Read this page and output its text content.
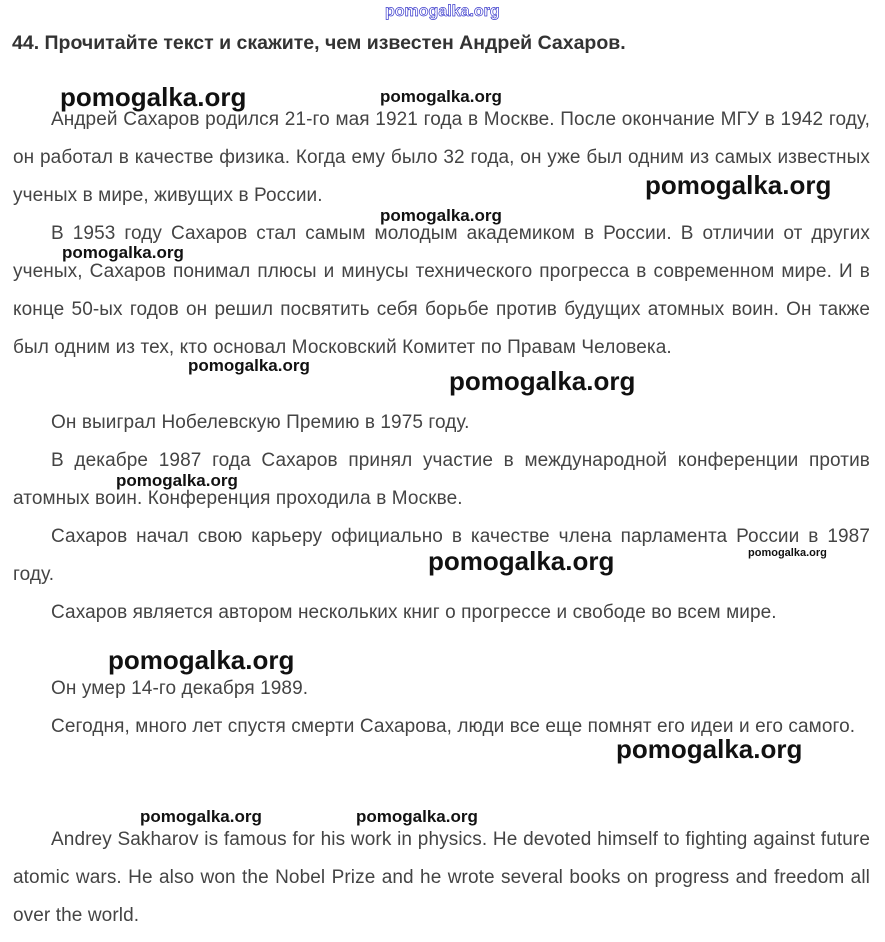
pomogalka.org
44. Прочитайте текст и скажите, чем известен Андрей Сахаров.

Андрей Сахаров родился 21-го мая 1921 года в Москве. После окончание МГУ в 1942 году, он работал в качестве физика. Когда ему было 32 года, он уже был одним из самых известных ученых в мире, живущих в России.

В 1953 году Сахаров стал самым молодым академиком в России. В отличии от других ученых, Сахаров понимал плюсы и минусы технического прогресса в современном мире. И в конце 50-ых годов он решил посвятить себя борьбе против будущих атомных воин. Он также был одним из тех, кто основал Московский Комитет по Правам Человека.

Он выиграл Нобелевскую Премию в 1975 году.

В декабре 1987 года Сахаров принял участие в международной конференции против атомных воин. Конференция проходила в Москве.

Сахаров начал свою карьеру официально в качестве члена парламента России в 1987 году.

Сахаров является автором нескольких книг о прогрессе и свободе во всем мире.

Он умер 14-го декабря 1989.

Сегодня, много лет спустя смерти Сахарова, люди все еще помнят его идеи и его самого.

Andrey Sakharov is famous for his work in physics. He devoted himself to fighting against future atomic wars. He also won the Nobel Prize and he wrote several books on progress and freedom all over the world.

pomogalka.org	pomogalka.org
pomogalka.org
pomogalka.org
pomogalka.org
pomogalka.org
pomogalka.org
pomogalka.org
pomogalka.org	pomogalka.org
pomogalka.org
pomogalka.org
pomogalka.org	pomogalka.org
